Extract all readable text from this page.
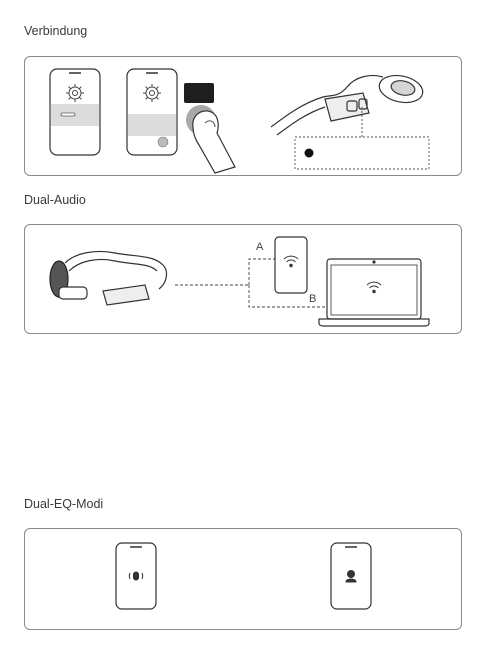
Verbindung
Dual-Audio
A
B
Dual-EQ-Modi
